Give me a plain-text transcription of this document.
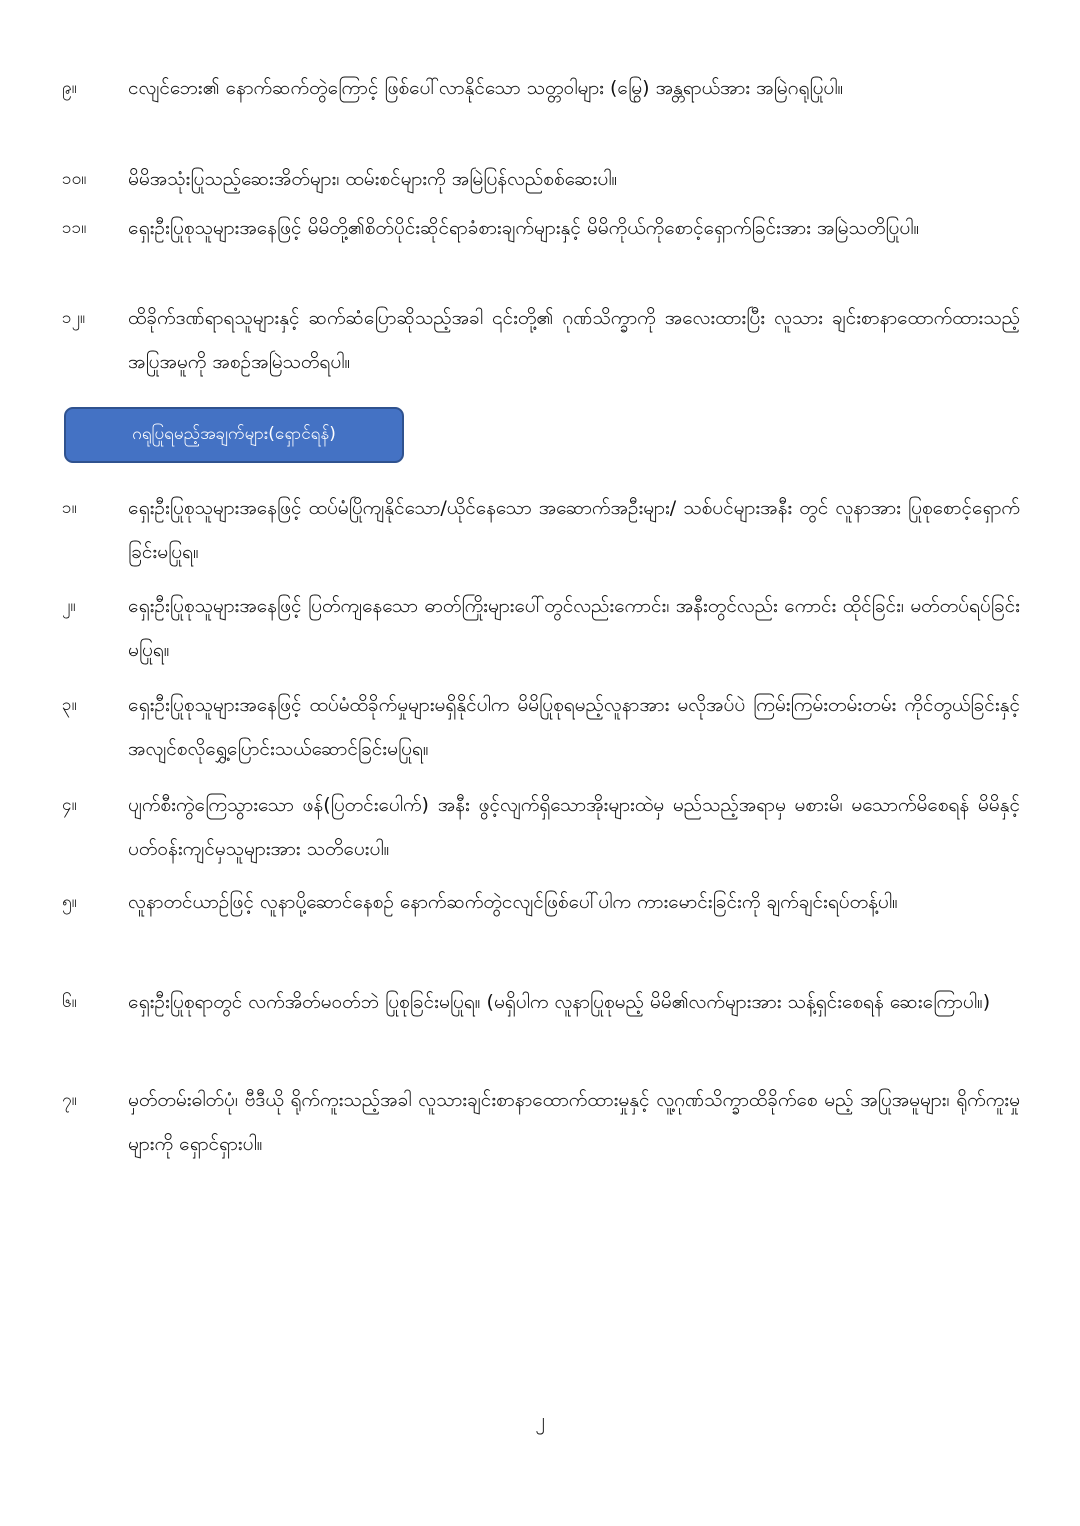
၉။	ငလျင်ဘေး၏ နောက်ဆက်တွဲကြောင့် ဖြစ်ပေါ်လာနိုင်သော သတ္တဝါများ (မြွေ) အန္တရာယ်အား အမြဲဂရုပြုပါ။
၁၀။	မိမိအသုံးပြုသည့်ဆေးအိတ်များ၊ ထမ်းစင်များကို အမြဲပြန်လည်စစ်ဆေးပါ။
၁၁။	ရှေးဦးပြုစုသူများအနေဖြင့် မိမိတို့၏စိတ်ပိုင်းဆိုင်ရာခံစားချက်များနှင့် မိမိကိုယ်ကိုစောင့်ရှောက်ခြင်းအား အမြဲသတိပြုပါ။
၁၂။	ထိခိုက်ဒဏ်ရာရသူများနှင့် ဆက်ဆံပြောဆိုသည့်အခါ ၎င်းတို့၏ ဂုဏ်သိက္ခာကို အလေးထားပြီး လူသား ချင်းစာနာထောက်ထားသည့် အပြုအမူကို အစဉ်အမြဲသတိရပါ။
ဂရုပြုရမည့်အချက်များ(ရှောင်ရန်)
၁။	ရှေးဦးပြုစုသူများအနေဖြင့် ထပ်မံပြိုကျနိုင်သော/ယိုင်နေသော အဆောက်အဦးများ/ သစ်ပင်များအနီး တွင် လူနာအား ပြုစုစောင့်ရှောက်ခြင်းမပြုရ။
၂။	ရှေးဦးပြုစုသူများအနေဖြင့် ပြတ်ကျနေသော ဓာတ်ကြိုးများပေါ်တွင်လည်းကောင်း၊ အနီးတွင်လည်း ကောင်း ထိုင်ခြင်း၊ မတ်တပ်ရပ်ခြင်းမပြုရ။
၃။	ရှေးဦးပြုစုသူများအနေဖြင့် ထပ်မံထိခိုက်မှုများမရှိနိုင်ပါက မိမိပြုစုရမည့်လူနာအား မလိုအပ်ပဲ ကြမ်းကြမ်းတမ်းတမ်း ကိုင်တွယ်ခြင်းနှင့် အလျင်စလိုရွှေ့ပြောင်းသယ်ဆောင်ခြင်းမပြုရ။
၄။	ပျက်စီးကွဲကြေသွားသော ဖန်(ပြတင်းပေါက်) အနီး ဖွင့်လျက်ရှိသောအိုးများထဲမှ မည်သည့်အရာမှ မစားမိ၊ မသောက်မိစေရန် မိမိနှင့် ပတ်ဝန်းကျင်မှသူများအား သတိပေးပါ။
၅။	လူနာတင်ယာဉ်ဖြင့် လူနာပို့ဆောင်နေစဉ် နောက်ဆက်တွဲငလျင်ဖြစ်ပေါ်ပါက ကားမောင်းခြင်းကို ချက်ချင်းရပ်တန့်ပါ။
၆။	ရှေးဦးပြုစုရာတွင် လက်အိတ်မဝတ်ဘဲ ပြုစုခြင်းမပြုရ။ (မရှိပါက လူနာပြုစုမည့် မိမိ၏လက်များအား သန့်ရှင်းစေရန် ဆေးကြောပါ။)
၇။	မှတ်တမ်းဓါတ်ပုံ၊ ဗီဒီယို ရိုက်ကူးသည့်အခါ လူသားချင်းစာနာထောက်ထားမှုနှင့် လူ့ဂုဏ်သိက္ခာထိခိုက်စေ မည့် အပြုအမူများ၊ ရိုက်ကူးမှုများကို ရှောင်ရှားပါ။
၂
